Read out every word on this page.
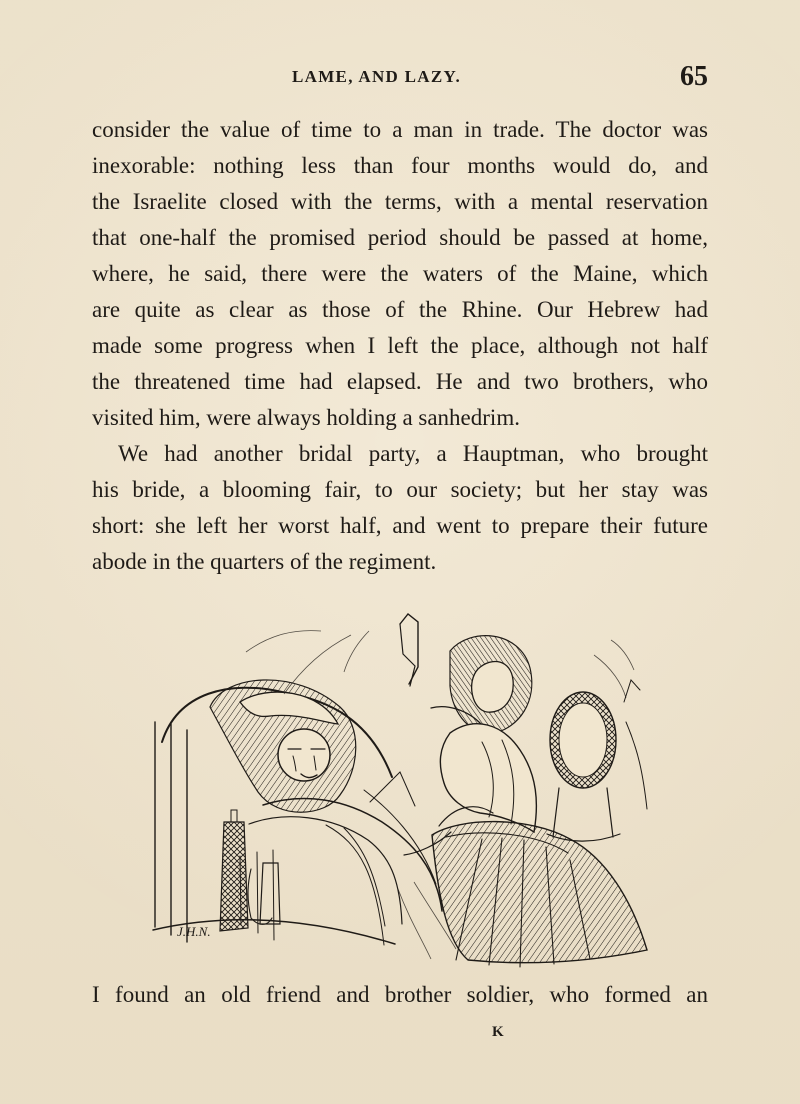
LAME, AND LAZY.	65
consider the value of time to a man in trade. The doctor was
inexorable: nothing less than four months would do, and
the Israelite closed with the terms, with a mental reservation
that one-half the promised period should be passed at home,
where, he said, there were the waters of the Maine, which
are quite as clear as those of the Rhine. Our Hebrew had
made some progress when I left the place, although not half
the threatened time had elapsed. He and two brothers, who
visited him, were always holding a sanhedrim.
We had another bridal party, a Hauptman, who brought
his bride, a blooming fair, to our society; but her stay was
short: she left her worst half, and went to prepare their future
abode in the quarters of the regiment.
J.H.N.
I found an old friend and brother soldier, who formed an
K
